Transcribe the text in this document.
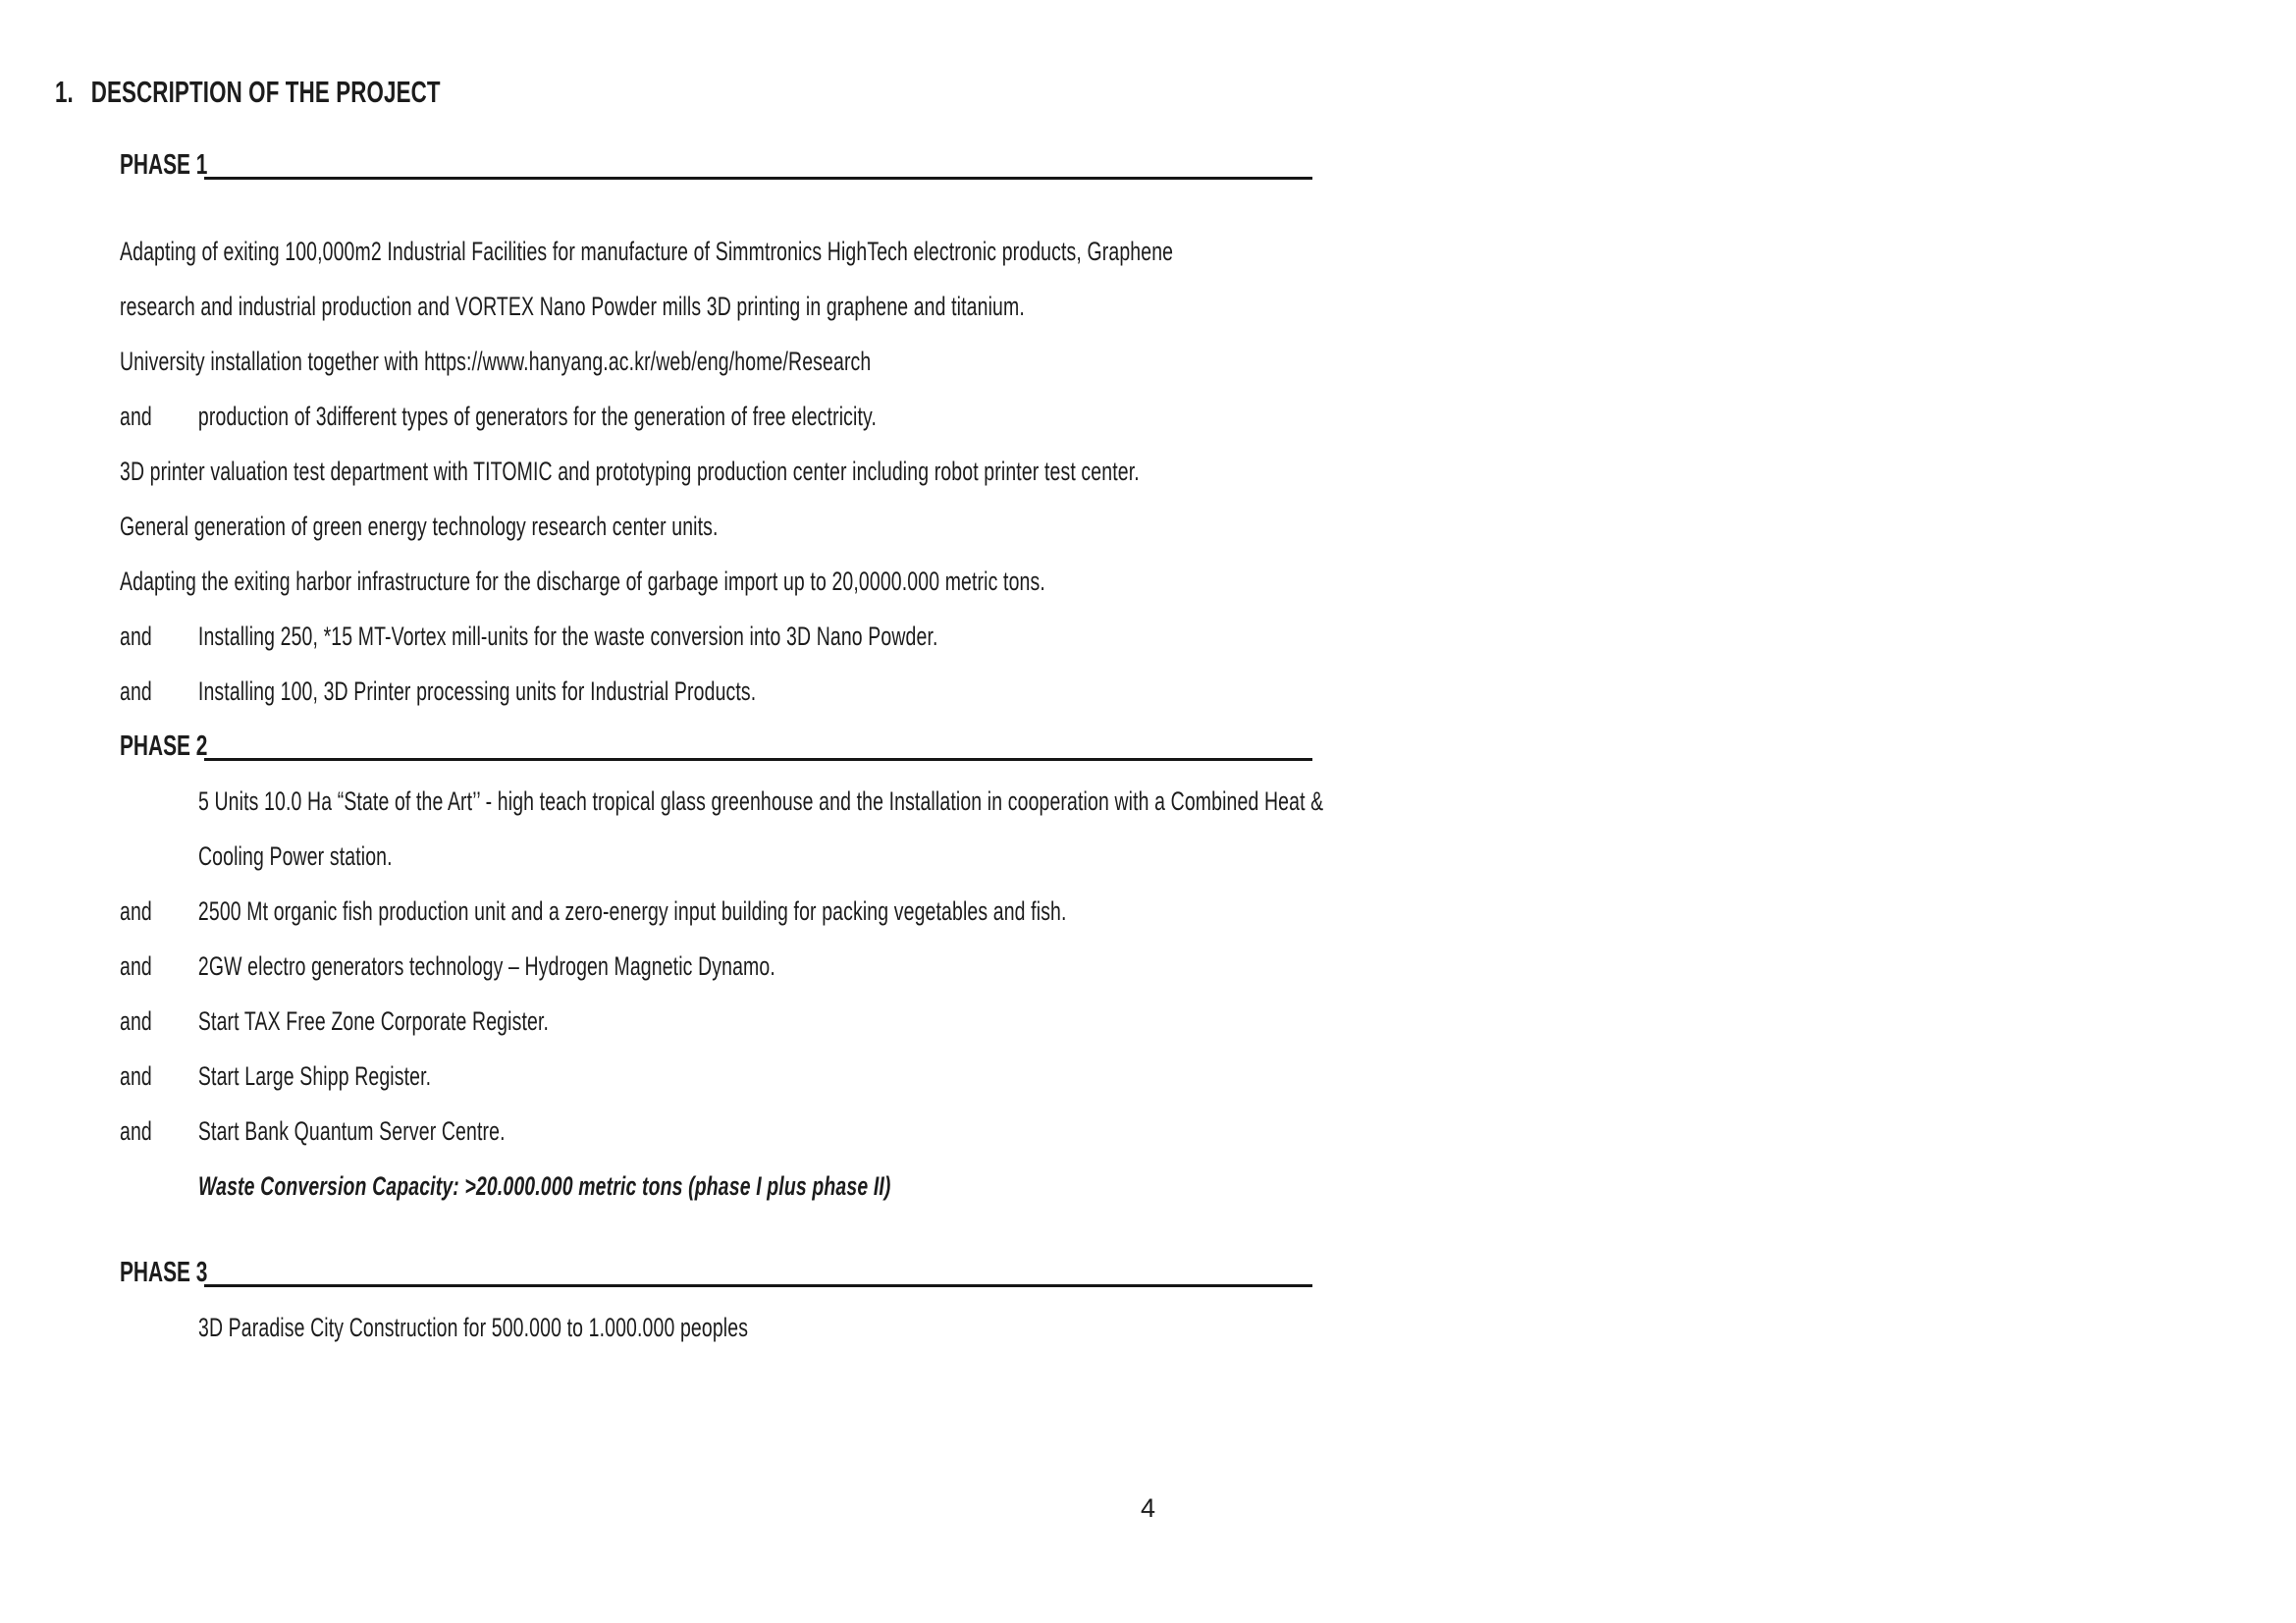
1. DESCRIPTION OF THE PROJECT
PHASE 1
Adapting of exiting 100,000m2 Industrial Facilities for manufacture of Simmtronics HighTech electronic products, Graphene
research and industrial production and VORTEX Nano Powder mills 3D printing in graphene and titanium.
University installation together with https://www.hanyang.ac.kr/web/eng/home/Research
and production of 3different types of generators for the generation of free electricity.
3D printer valuation test department with TITOMIC and prototyping production center including robot printer test center.
General generation of green energy technology research center units.
Adapting the exiting harbor infrastructure for the discharge of garbage import up to 20,0000.000 metric tons.
and Installing 250, *15 MT-Vortex mill-units for the waste conversion into 3D Nano Powder.
and Installing 100, 3D Printer processing units for Industrial Products.
PHASE 2
5 Units 10.0 Ha “State of the Art’’ - high teach tropical glass greenhouse and the Installation in cooperation with a Combined Heat &
Cooling Power station.
and 2500 Mt organic fish production unit and a zero-energy input building for packing vegetables and fish.
and 2GW electro generators technology – Hydrogen Magnetic Dynamo.
and Start TAX Free Zone Corporate Register.
and Start Large Shipp Register.
and Start Bank Quantum Server Centre.
Waste Conversion Capacity: >20.000.000 metric tons (phase I plus phase II)
PHASE 3
3D Paradise City Construction for 500.000 to 1.000.000 peoples
4
